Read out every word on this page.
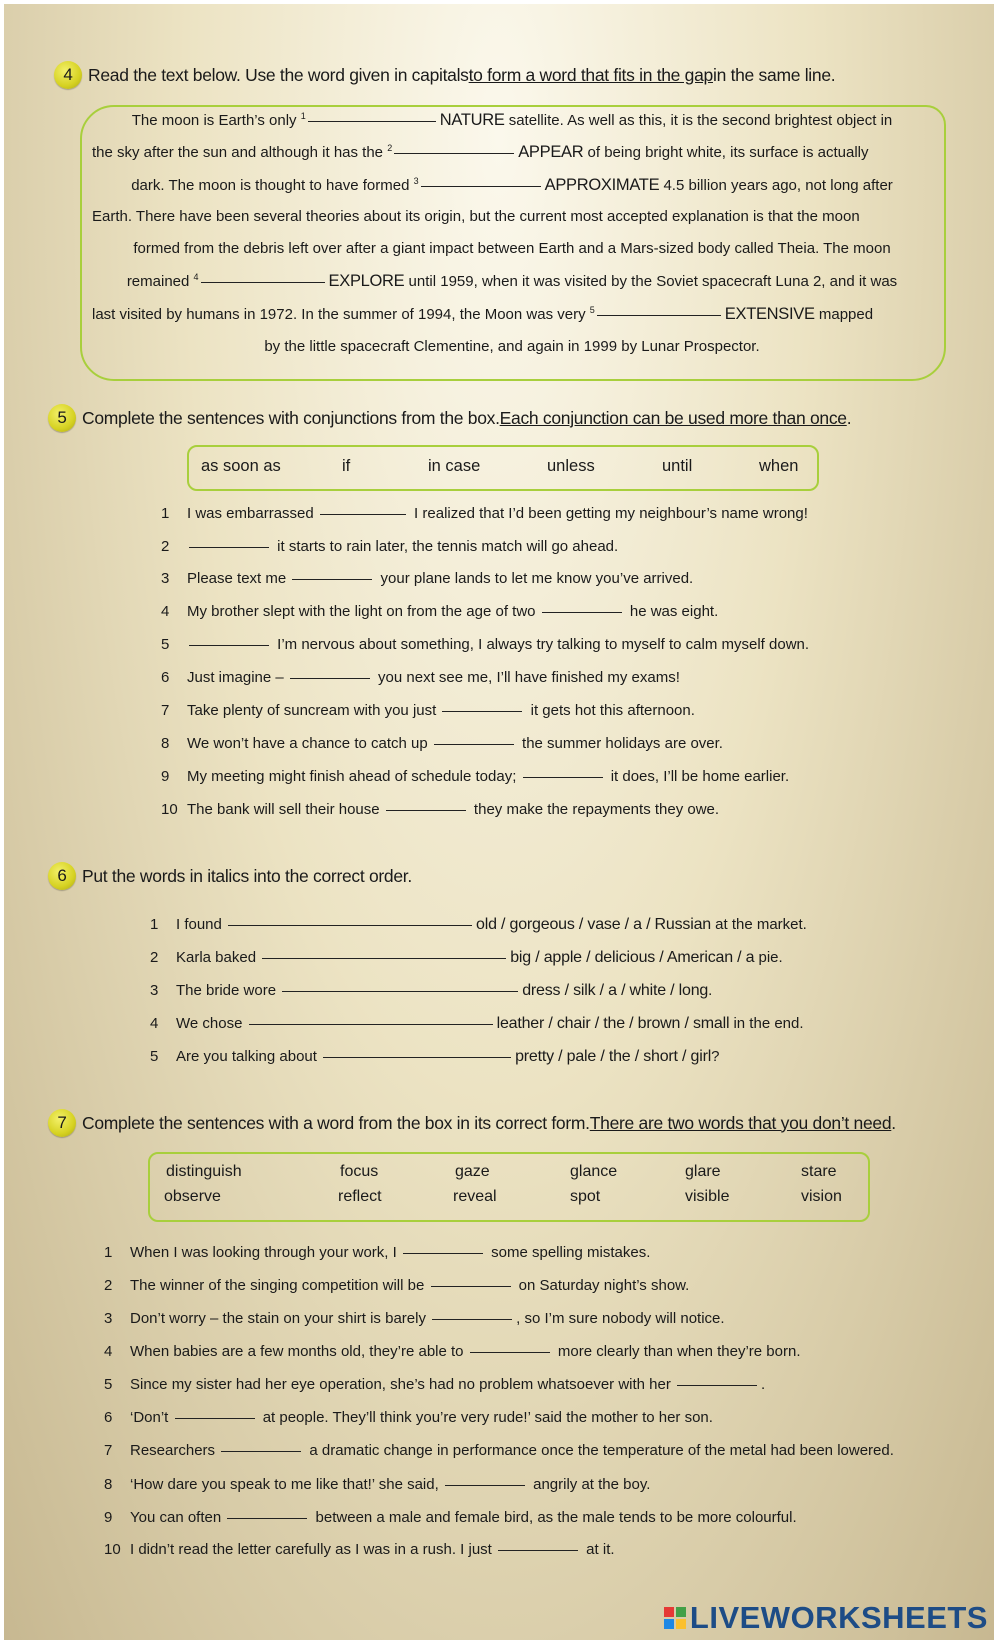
4 Read the text below. Use the word given in capitals to form a word that fits in the gap in the same line.
The moon is Earth’s only $^1$	NATURE satellite. As well as this, it is the second brightest object in
the sky after the sun and although it has the $^2$	APPEAR of being bright white, its surface is actually
dark. The moon is thought to have formed $^3$	APPROXIMATE 4.5 billion years ago, not long after
Earth. There have been several theories about its origin, but the current most accepted explanation is that the moon
formed from the debris left over after a giant impact between Earth and a Mars-sized body called Theia. The moon
remained $^4$	EXPLORE until 1959, when it was visited by the Soviet spacecraft Luna 2, and it was
last visited by humans in 1972. In the summer of 1994, the Moon was very $^5$	EXTENSIVE mapped
by the little spacecraft Clementine, and again in 1999 by Lunar Prospector.
5 Complete the sentences with conjunctions from the box. Each conjunction can be used more than once .
as soon as	if	in case	unless	until	when
1 I was embarrassed	I realized that I’d been getting my neighbour’s name wrong!
2	it starts to rain later, the tennis match will go ahead.
3 Please text me	your plane lands to let me know you’ve arrived.
4 My brother slept with the light on from the age of two	he was eight.
5	I’m nervous about something, I always try talking to myself to calm myself down.
6 Just imagine –	you next see me, I’ll have finished my exams!
7 Take plenty of suncream with you just	it gets hot this afternoon.
8 We won’t have a chance to catch up	the summer holidays are over.
9 My meeting might finish ahead of schedule today;	it does, I’ll be home earlier.
10 The bank will sell their house	they make the repayments they owe.
6 Put the words in italics into the correct order.
1 I found	old / gorgeous / vase / a / Russian at the market.
2 Karla baked	big / apple / delicious / American / a pie.
3 The bride wore	dress / silk / a / white / long.
4 We chose	leather / chair / the / brown / small in the end.
5 Are you talking about	pretty / pale / the / short / girl?
7 Complete the sentences with a word from the box in its correct form. There are two words that you don’t need .
distinguish	focus	gaze	glance	glare	stare
observe	reflect	reveal	spot	visible	vision
1 When I was looking through your work, I	some spelling mistakes.
2 The winner of the singing competition will be	on Saturday night’s show.
3 Don’t worry – the stain on your shirt is barely	, so I’m sure nobody will notice.
4 When babies are a few months old, they’re able to	more clearly than when they’re born.
5 Since my sister had her eye operation, she’s had no problem whatsoever with her	.
6 ‘Don’t	at people. They’ll think you’re very rude!’ said the mother to her son.
7 Researchers	a dramatic change in performance once the temperature of the metal had been lowered.
8 ‘How dare you speak to me like that!’ she said,	angrily at the boy.
9 You can often	between a male and female bird, as the male tends to be more colourful.
10 I didn’t read the letter carefully as I was in a rush. I just	at it.
LIVEWORKSHEETS
